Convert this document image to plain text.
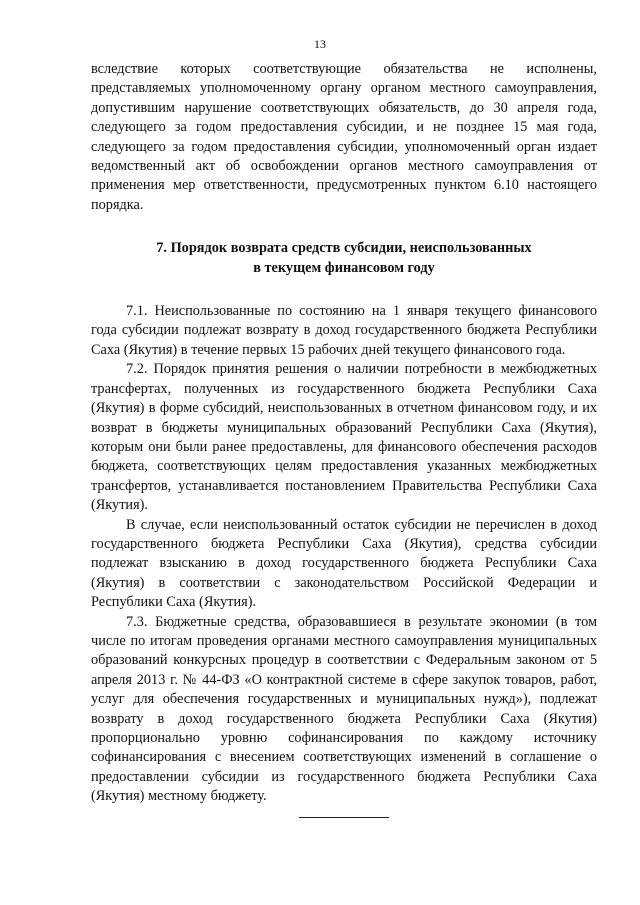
13

вследствие которых соответствующие обязательства не исполнены, представляемых уполномоченному органу органом местного самоуправления, допустившим нарушение соответствующих обязательств, до 30 апреля года, следующего за годом предоставления субсидии, и не позднее 15 мая года, следующего за годом предоставления субсидии, уполномоченный орган издает ведомственный акт об освобождении органов местного самоуправления от применения мер ответственности, предусмотренных пунктом 6.10 настоящего порядка.

7. Порядок возврата средств субсидии, неиспользованных
в текущем финансовом году

7.1. Неиспользованные по состоянию на 1 января текущего финансового года субсидии подлежат возврату в доход государственного бюджета Республики Саха (Якутия) в течение первых 15 рабочих дней текущего финансового года.

7.2. Порядок принятия решения о наличии потребности в межбюджетных трансфертах, полученных из государственного бюджета Республики Саха (Якутия) в форме субсидий, неиспользованных в отчетном финансовом году, и их возврат в бюджеты муниципальных образований Республики Саха (Якутия), которым они были ранее предоставлены, для финансового обеспечения расходов бюджета, соответствующих целям предоставления указанных межбюджетных трансфертов, устанавливается постановлением Правительства Республики Саха (Якутия).

В случае, если неиспользованный остаток субсидии не перечислен в доход государственного бюджета Республики Саха (Якутия), средства субсидии подлежат взысканию в доход государственного бюджета Республики Саха (Якутия) в соответствии с законодательством Российской Федерации и Республики Саха (Якутия).

7.3. Бюджетные средства, образовавшиеся в результате экономии (в том числе по итогам проведения органами местного самоуправления муниципальных образований конкурсных процедур в соответствии с Федеральным законом от 5 апреля 2013 г. № 44-ФЗ «О контрактной системе в сфере закупок товаров, работ, услуг для обеспечения государственных и муниципальных нужд»), подлежат возврату в доход государственного бюджета Республики Саха (Якутия) пропорционально уровню софинансирования по каждому источнику софинансирования с внесением соответствующих изменений в соглашение о предоставлении субсидии из государственного бюджета Республики Саха (Якутия) местному бюджету.
